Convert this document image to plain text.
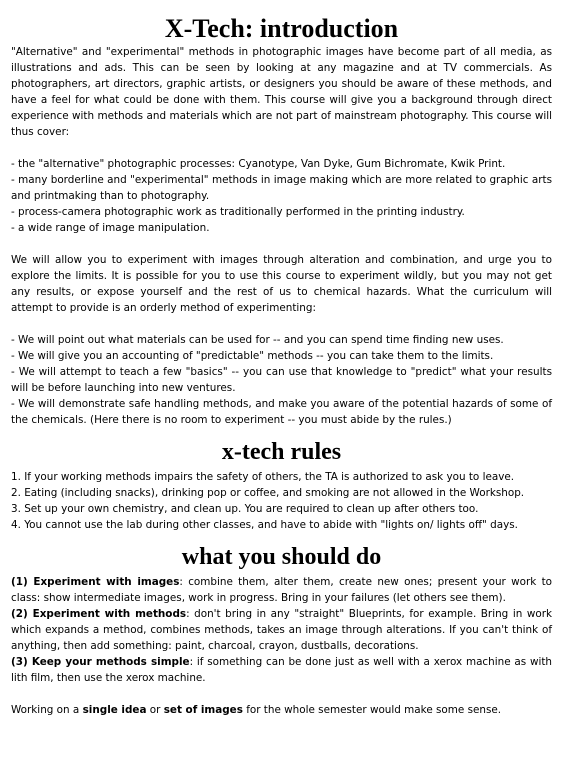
X-Tech: introduction

"Alternative" and "experimental" methods in photographic images have become part of all media, as illustrations and ads. This can be seen by looking at any magazine and at TV commercials. As photographers, art directors, graphic artists, or designers you should be aware of these methods, and have a feel for what could be done with them. This course will give you a background through direct experience with methods and materials which are not part of mainstream photography. This course will thus cover:

- the "alternative" photographic processes: Cyanotype, Van Dyke, Gum Bichromate, Kwik Print.

- many borderline and "experimental" methods in image making which are more related to graphic arts and printmaking than to photography.

- process-camera photographic work as traditionally performed in the printing industry.

- a wide range of image manipulation.

We will allow you to experiment with images through alteration and combination, and urge you to explore the limits. It is possible for you to use this course to experiment wildly, but you may not get any results, or expose yourself and the rest of us to chemical hazards. What the curriculum will attempt to provide is an orderly method of experimenting:

- We will point out what materials can be used for -- and you can spend time finding new uses.

- We will give you an accounting of "predictable" methods -- you can take them to the limits.

- We will attempt to teach a few "basics" -- you can use that knowledge to "predict" what your results will be before launching into new ventures.

- We will demonstrate safe handling methods, and make you aware of the potential hazards of some of the chemicals. (Here there is no room to experiment -- you must abide by the rules.)

x-tech rules

1. If your working methods impairs the safety of others, the TA is authorized to ask you to leave.

2. Eating (including snacks), drinking pop or coffee, and smoking are not allowed in the Workshop.

3. Set up your own chemistry, and clean up. You are required to clean up after others too.

4. You cannot use the lab during other classes, and have to abide with "lights on/ lights off" days.

what you should do

(1) Experiment with images: combine them, alter them, create new ones; present your work to class: show intermediate images, work in progress. Bring in your failures (let others see them).

(2) Experiment with methods: don't bring in any "straight" Blueprints, for example. Bring in work which expands a method, combines methods, takes an image through alterations. If you can't think of anything, then add something: paint, charcoal, crayon, dustballs, decorations.

(3) Keep your methods simple: if something can be done just as well with a xerox machine as with lith film, then use the xerox machine.

Working on a single idea or set of images for the whole semester would make some sense.
